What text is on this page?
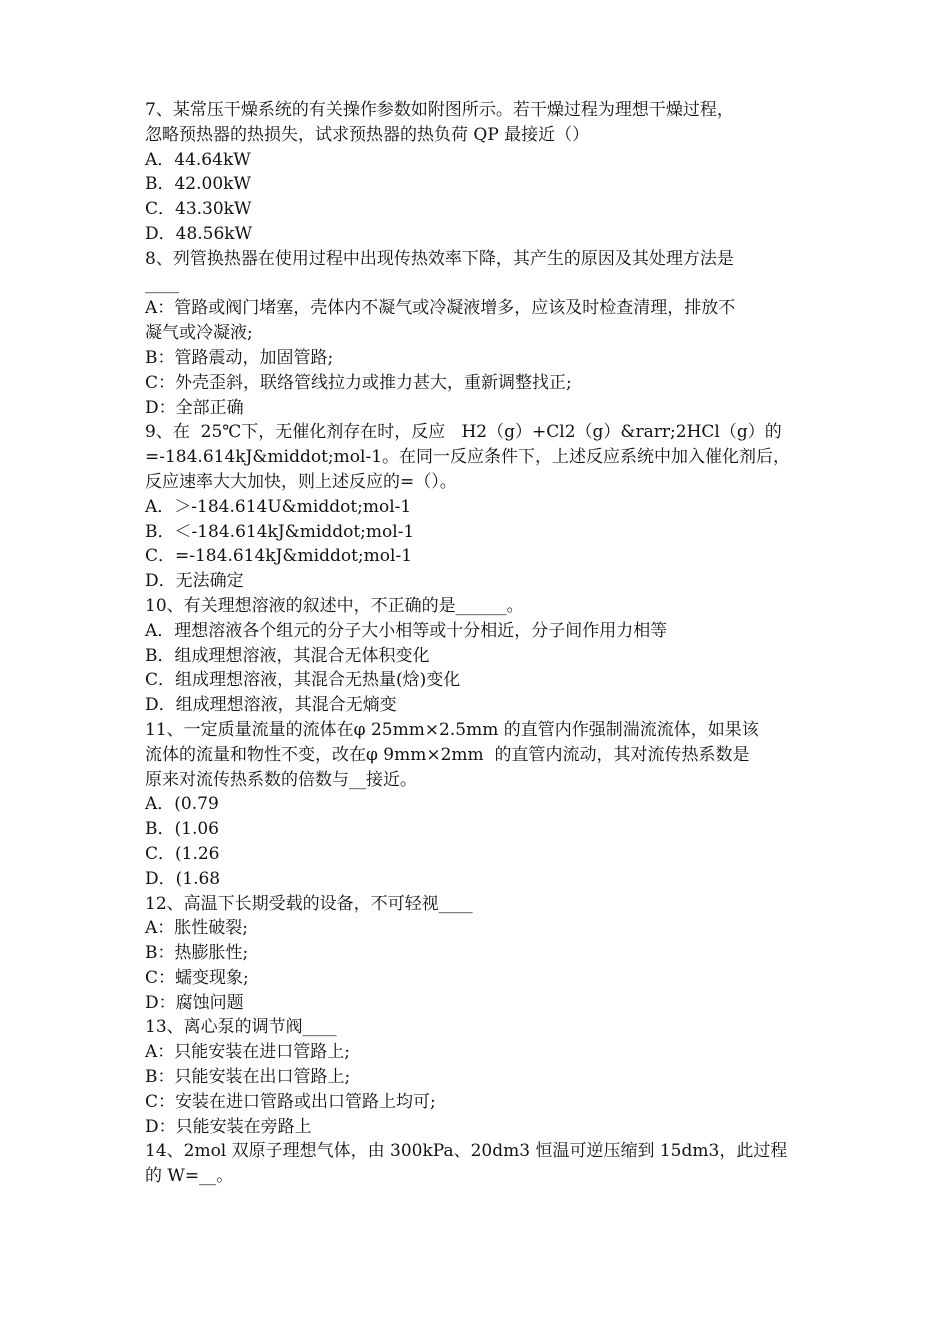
7、某常压干燥系统的有关操作参数如附图所示。若干燥过程为理想干燥过程，
忽略预热器的热损失，试求预热器的热负荷 QP 最接近（）
A．44.64kW
B．42.00kW
C．43.30kW
D．48.56kW
8、列管换热器在使用过程中出现传热效率下降，其产生的原因及其处理方法是
____
A：管路或阀门堵塞，壳体内不凝气或冷凝液增多，应该及时检查清理，排放不
凝气或冷凝液;
B：管路震动，加固管路;
C：外壳歪斜，联络管线拉力或推力甚大，重新调整找正;
D：全部正确
9、在  25℃下，无催化剂存在时，反应   H2（g）+Cl2（g）&rarr;2HCl（g）的
=-184.614kJ&middot;mol-1。在同一反应条件下，上述反应系统中加入催化剂后，
反应速率大大加快，则上述反应的=（）。
A．＞-184.614U&middot;mol-1
B．＜-184.614kJ&middot;mol-1
C．=-184.614kJ&middot;mol-1
D．无法确定
10、有关理想溶液的叙述中，不正确的是______。
A．理想溶液各个组元的分子大小相等或十分相近，分子间作用力相等
B．组成理想溶液，其混合无体积变化
C．组成理想溶液，其混合无热量(焓)变化
D．组成理想溶液，其混合无熵变
11、一定质量流量的流体在φ 25mm×2.5mm 的直管内作强制湍流流体，如果该
流体的流量和物性不变，改在φ 9mm×2mm  的直管内流动，其对流传热系数是
原来对流传热系数的倍数与__接近。
A．(0.79
B．(1.06
C．(1.26
D．(1.68
12、高温下长期受载的设备，不可轻视____
A：胀性破裂;
B：热膨胀性;
C：蠕变现象;
D：腐蚀问题
13、离心泵的调节阀____
A：只能安装在进口管路上;
B：只能安装在出口管路上;
C：安装在进口管路或出口管路上均可;
D：只能安装在旁路上
14、2mol 双原子理想气体，由 300kPa、20dm3 恒温可逆压缩到 15dm3，此过程
的 W=__。
